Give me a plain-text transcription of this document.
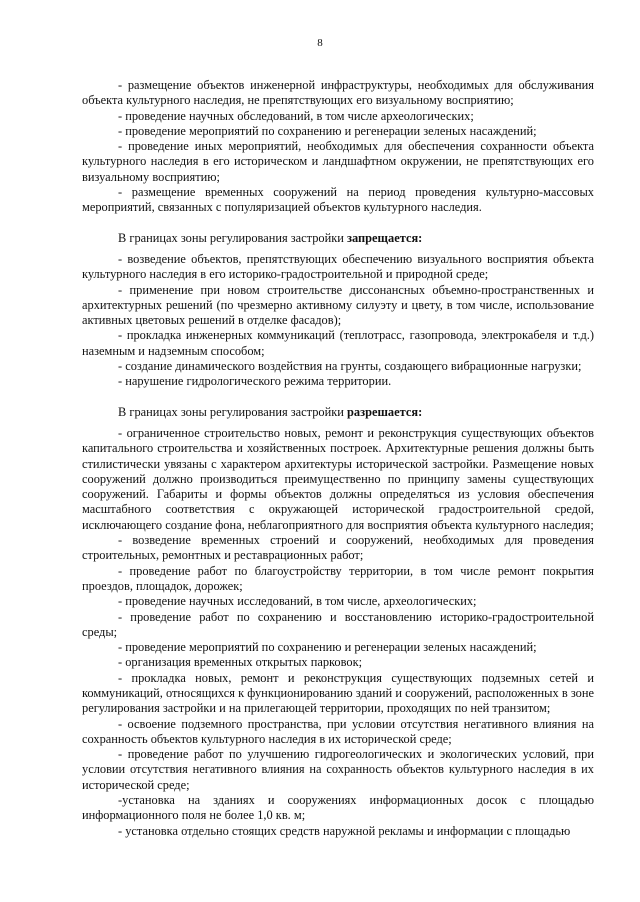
8

- размещение объектов инженерной инфраструктуры, необходимых для обслуживания объекта культурного наследия, не препятствующих его визуальному восприятию;

- проведение научных обследований, в том числе археологических;

- проведение мероприятий по сохранению и регенерации зеленых насаждений;

- проведение иных мероприятий, необходимых для обеспечения сохранности объекта культурного наследия в его историческом и ландшафтном окружении, не препятствующих его визуальному восприятию;

- размещение временных сооружений на период проведения культурно-массовых мероприятий, связанных с популяризацией объектов культурного наследия.

В границах зоны регулирования застройки запрещается:

- возведение объектов, препятствующих обеспечению визуального восприятия объекта культурного наследия в его историко-градостроительной и природной среде;

- применение при новом строительстве диссонансных объемно-пространственных и архитектурных решений (по чрезмерно активному силуэту и цвету, в том числе, использование активных цветовых решений в отделке фасадов);

- прокладка инженерных коммуникаций (теплотрасс, газопровода, электрокабеля и т.д.) наземным и надземным способом;

- создание динамического воздействия на грунты, создающего вибрационные нагрузки;

- нарушение гидрологического режима территории.

В границах зоны регулирования застройки разрешается:

- ограниченное строительство новых, ремонт и реконструкция существующих объектов капитального строительства и хозяйственных построек. Архитектурные решения должны быть стилистически увязаны с характером архитектуры исторической застройки. Размещение новых сооружений должно производиться преимущественно по принципу замены существующих сооружений. Габариты и формы объектов должны определяться из условия обеспечения масштабного соответствия с окружающей исторической градостроительной средой, исключающего создание фона, неблагоприятного для восприятия объекта культурного наследия;

- возведение временных строений и сооружений, необходимых для проведения строительных, ремонтных и реставрационных работ;

- проведение работ по благоустройству территории, в том числе ремонт покрытия проездов, площадок, дорожек;

- проведение научных исследований, в том числе, археологических;

- проведение работ по сохранению и восстановлению историко-градостроительной среды;

- проведение мероприятий по сохранению и регенерации зеленых насаждений;

- организация временных открытых парковок;

- прокладка новых, ремонт и реконструкция существующих подземных сетей и коммуникаций, относящихся к функционированию зданий и сооружений, расположенных в зоне регулирования застройки и на прилегающей территории, проходящих по ней транзитом;

- освоение подземного пространства, при условии отсутствия негативного влияния на сохранность объектов культурного наследия в их исторической среде;

- проведение работ по улучшению гидрогеологических и экологических условий, при условии отсутствия негативного влияния на сохранность объектов культурного наследия в их исторической среде;

-установка на зданиях и сооружениях информационных досок с площадью информационного поля не более 1,0 кв. м;

- установка отдельно стоящих средств наружной рекламы и информации с площадью
